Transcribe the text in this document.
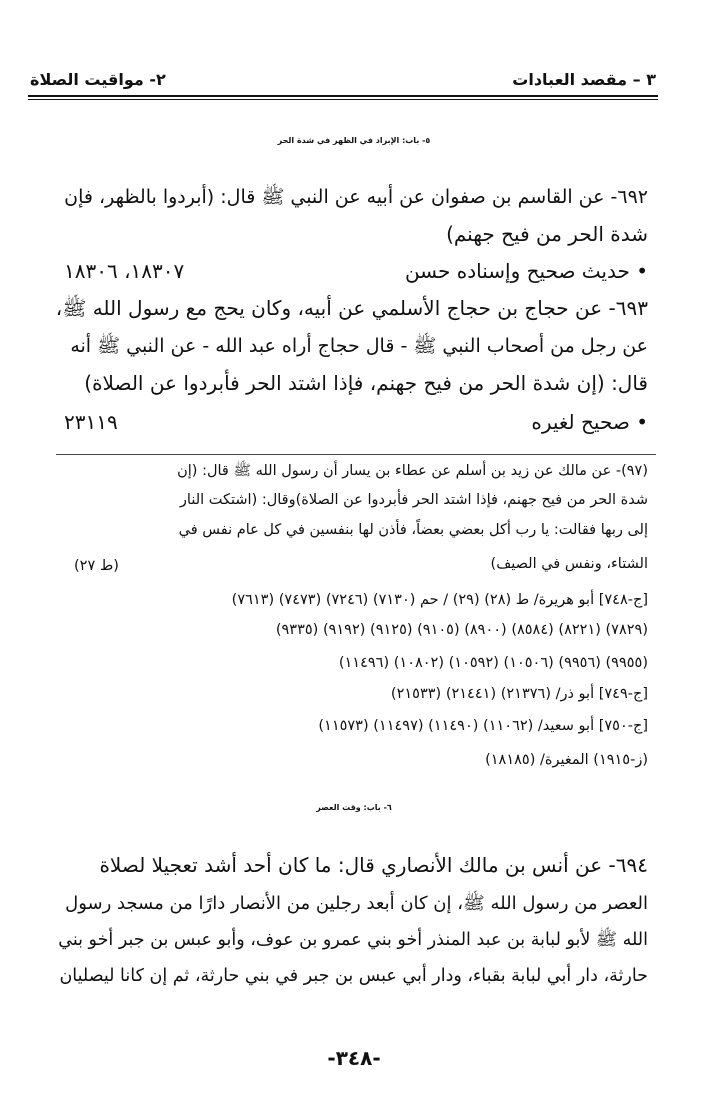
٣ – مقصد العبادات
٢- مواقيت الصلاة
٥- باب: الإبراد في الظهر في شدة الحر
٦٩٢- عن القاسم بن صفوان عن أبيه عن النبي ﷺ قال: (أبردوا بالظهر، فإن
شدة الحر من فيح جهنم)
• حديث صحيح وإسناده حسن
١٨٣٠٧، ١٨٣٠٦
٦٩٣- عن حجاج بن حجاج الأسلمي عن أبيه، وكان يحج مع رسول الله ﷺ،
عن رجل من أصحاب النبي ﷺ - قال حجاج أراه عبد الله - عن النبي ﷺ أنه
قال: (إن شدة الحر من فيح جهنم، فإذا اشتد الحر فأبردوا عن الصلاة)
• صحيح لغيره
٢٣١١٩
(٩٧)- عن مالك عن زيد بن أسلم عن عطاء بن يسار أن رسول الله ﷺ قال: (إن
شدة الحر من فيح جهنم، فإذا اشتد الحر فأبردوا عن الصلاة)وقال: (اشتكت النار
إلى ربها فقالت: يا رب أكل بعضي بعضاً، فأذن لها بنفسين في كل عام نفس في
الشتاء، ونفس في الصيف)
(ط ٢٧)
[ج-٧٤٨] أبو هريرة/ ط (٢٨) (٢٩) / حم (٧١٣٠) (٧٢٤٦) (٧٤٧٣) (٧٦١٣)
(٧٨٢٩) (٨٢٢١) (٨٥٨٤) (٨٩٠٠) (٩١٠٥) (٩١٢٥) (٩١٩٢) (٩٣٣٥)
(٩٩٥٥) (٩٩٥٦) (١٠٥٠٦) (١٠٥٩٢) (١٠٨٠٢) (١١٤٩٦)
[ج-٧٤٩] أبو ذر/ (٢١٣٧٦) (٢١٤٤١) (٢١٥٣٣)
[ج-٧٥٠] أبو سعيد/ (١١٠٦٢) (١١٤٩٠) (١١٤٩٧) (١١٥٧٣)
(ز-١٩١٥) المغيرة/ (١٨١٨٥)
٦- باب: وقت العصر
٦٩٤- عن أنس بن مالك الأنصاري قال: ما كان أحد أشد تعجيلا لصلاة
العصر من رسول الله ﷺ، إن كان أبعد رجلين من الأنصار دارًا من مسجد رسول
الله ﷺ لأبو لبابة بن عبد المنذر أخو بني عمرو بن عوف، وأبو عبس بن جبر أخو بني
حارثة، دار أبي لبابة بقباء، ودار أبي عبس بن جبر في بني حارثة، ثم إن كانا ليصليان
-٣٤٨-
